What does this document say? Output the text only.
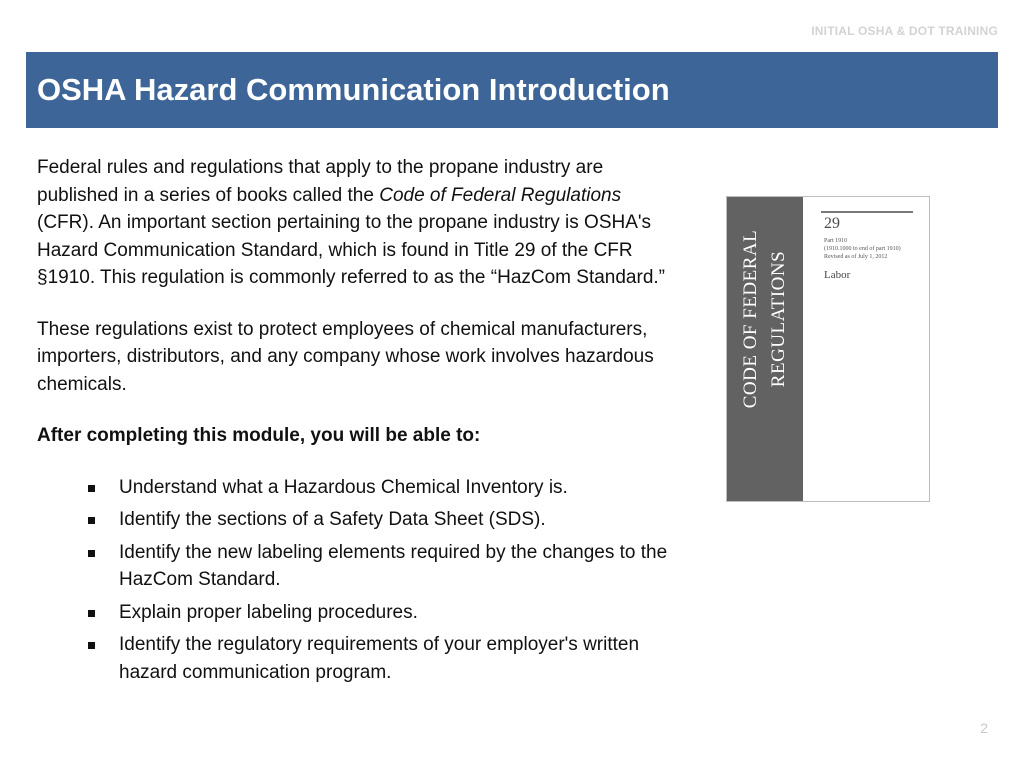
INITIAL OSHA & DOT TRAINING
OSHA Hazard Communication Introduction

Federal rules and regulations that apply to the propane industry are published in a series of books called the Code of Federal Regulations (CFR). An important section pertaining to the propane industry is OSHA's Hazard Communication Standard, which is found in Title 29 of the CFR §1910. This regulation is commonly referred to as the “HazCom Standard.”

These regulations exist to protect employees of chemical manufacturers, importers, distributors, and any company whose work involves hazardous chemicals.

After completing this module, you will be able to:

Understand what a Hazardous Chemical Inventory is.
Identify the sections of a Safety Data Sheet (SDS).
Identify the new labeling elements required by the changes to the HazCom Standard.
Explain proper labeling procedures.
Identify the regulatory requirements of your employer's written hazard communication program.
CODE OF FEDERAL REGULATIONS
29
Part 1910
(1910.1000 to end of part 1910)
Revised as of July 1, 2012
Labor
2
